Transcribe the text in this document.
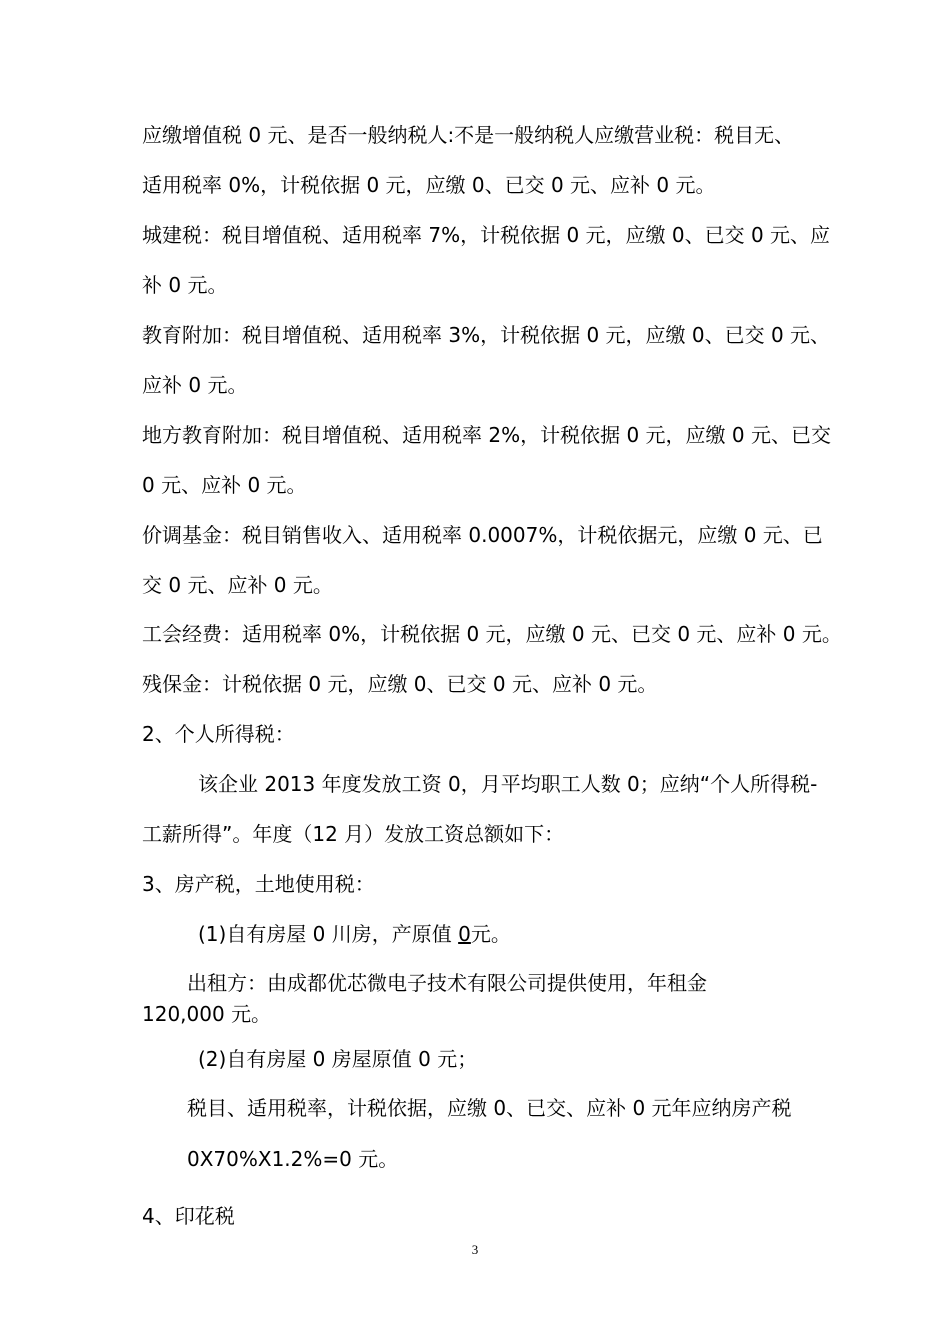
应缴增值税 0 元、是否一般纳税人:不是一般纳税人应缴营业税：税目无、
适用税率 0%，计税依据 0 元，应缴 0、已交 0 元、应补 0 元。
城建税：税目增值税、适用税率 7%，计税依据 0 元，应缴 0、已交 0 元、应
补 0 元。
教育附加：税目增值税、适用税率 3%，计税依据 0 元，应缴 0、已交 0 元、
应补 0 元。
地方教育附加：税目增值税、适用税率 2%，计税依据 0 元，应缴 0 元、已交
0 元、应补 0 元。
价调基金：税目销售收入、适用税率 0.0007%，计税依据元，应缴 0 元、已
交 0 元、应补 0 元。
工会经费：适用税率 0%，计税依据 0 元，应缴 0 元、已交 0 元、应补 0 元。
残保金：计税依据 0 元，应缴 0、已交 0 元、应补 0 元。
2、个人所得税：
该企业 2013 年度发放工资 0，月平均职工人数 0；应纳“个人所得税-
工薪所得”。年度（12 月）发放工资总额如下：
3、房产税，土地使用税：
(1)自有房屋 0 川房，产原值 0元。
出租方：由成都优芯微电子技术有限公司提供使用，年租金
120,000 元。
(2)自有房屋 0 房屋原值 0 元；
税目、适用税率，计税依据，应缴 0、已交、应补 0 元年应纳房产税
0X70%X1.2%=0 元。
4、印花税
3
